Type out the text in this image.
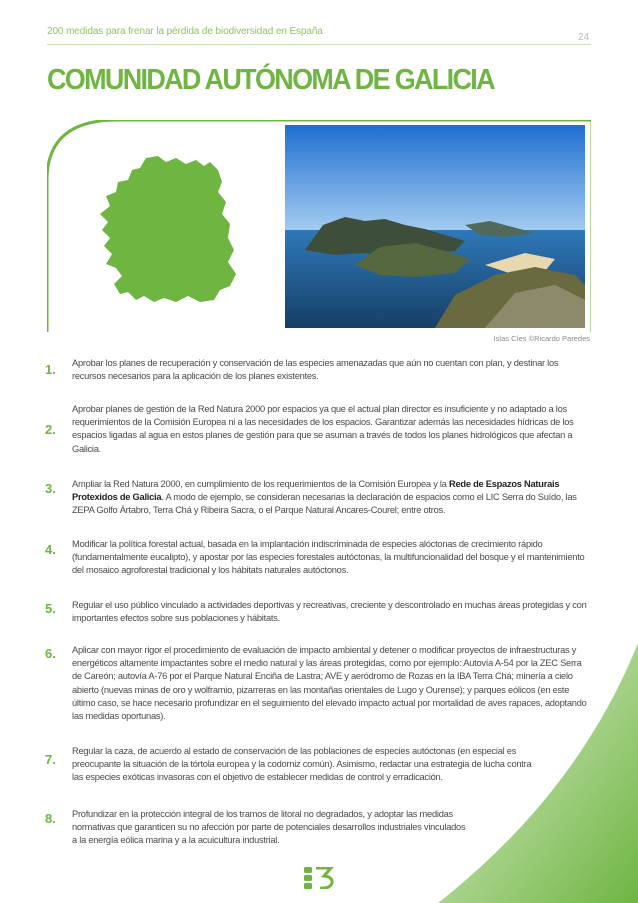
200 medidas para frenar la pérdida de biodiversidad en España
24
COMUNIDAD AUTÓNOMA DE GALICIA
Islas Cíes ©Ricardo Paredes
1. Aprobar los planes de recuperación y conservación de las especies amenazadas que aún no cuentan con plan, y destinar los recursos necesarios para la aplicación de los planes existentes.
2.
Aprobar planes de gestión de la Red Natura 2000 por espacios ya que el actual plan director es insuficiente y no adaptado a los requerimientos de la Comisión Europea ni a las necesidades de los espacios. Garantizar además las necesidades hídricas de los espacios ligadas al agua en estos planes de gestión para que se asuman a través de todos los planes hidrológicos que afectan a Galicia.
3. Ampliar la Red Natura 2000, en cumplimiento de los requerimientos de la Comisión Europea y la Rede de Espazos Naturais Protexidos de Galicia. A modo de ejemplo, se consideran necesarias la declaración de espacios como el LIC Serra do Suído, las ZEPA Golfo Ártabro, Terra Chá y Ribeira Sacra, o el Parque Natural Ancares-Courel; entre otros.
4. Modificar la política forestal actual, basada en la implantación indiscriminada de especies alóctonas de crecimiento rápido (fundamentalmente eucalipto), y apostar por las especies forestales autóctonas, la multifuncionalidad del bosque y el mantenimiento del mosaico agroforestal tradicional y los hábitats naturales autóctonos.
5. Regular el uso público vinculado a actividades deportivas y recreativas, creciente y descontrolado en muchas áreas protegidas y con importantes efectos sobre sus poblaciones y hábitats.
6. Aplicar con mayor rigor el procedimiento de evaluación de impacto ambiental y detener o modificar proyectos de infraestructuras y energéticos altamente impactantes sobre el medio natural y las áreas protegidas, como por ejemplo: Autovía A-54 por la ZEC Serra de Careón; autovía A-76 por el Parque Natural Enciña de Lastra; AVE y aeródromo de Rozas en la IBA Terra Chá; minería a cielo abierto (nuevas minas de oro y wolframio, pizarreras en las montañas orientales de Lugo y Ourense); y parques eólicos (en este último caso, se hace necesario profundizar en el seguimiento del elevado impacto actual por mortalidad de aves rapaces, adoptando las medidas oportunas).
7.
Regular la caza, de acuerdo al estado de conservación de las poblaciones de especies autóctonas (en especial es preocupante la situación de la tórtola europea y la codorniz común). Asimismo, redactar una estrategia de lucha contra las especies exóticas invasoras con el objetivo de establecer medidas de control y erradicación.
8. Profundizar en la protección integral de los tramos de litoral no degradados, y adoptar las medidas normativas que garanticen su no afección por parte de potenciales desarrollos industriales vinculados a la energía eólica marina y a la acuicultura industrial.
